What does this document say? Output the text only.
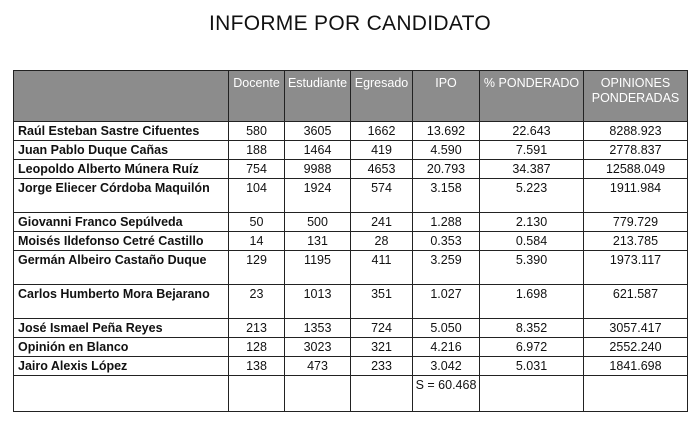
INFORME POR CANDIDATO
	Docente	Estudiante	Egresado	IPO	% PONDERADO	OPINIONES PONDERADAS
Raúl Esteban Sastre Cifuentes	580	3605	1662	13.692	22.643	8288.923
Juan Pablo Duque Cañas	188	1464	419	4.590	7.591	2778.837
Leopoldo Alberto Múnera Ruíz	754	9988	4653	20.793	34.387	12588.049
Jorge Eliecer Córdoba Maquilón	104	1924	574	3.158	5.223	1911.984
Giovanni Franco Sepúlveda	50	500	241	1.288	2.130	779.729
Moisés Ildefonso Cetré Castillo	14	131	28	0.353	0.584	213.785
Germán Albeiro Castaño Duque	129	1195	411	3.259	5.390	1973.117
Carlos Humberto Mora Bejarano	23	1013	351	1.027	1.698	621.587
José Ismael Peña Reyes	213	1353	724	5.050	8.352	3057.417
Opinión en Blanco	128	3023	321	4.216	6.972	2552.240
Jairo Alexis López	138	473	233	3.042	5.031	1841.698
				S = 60.468		
